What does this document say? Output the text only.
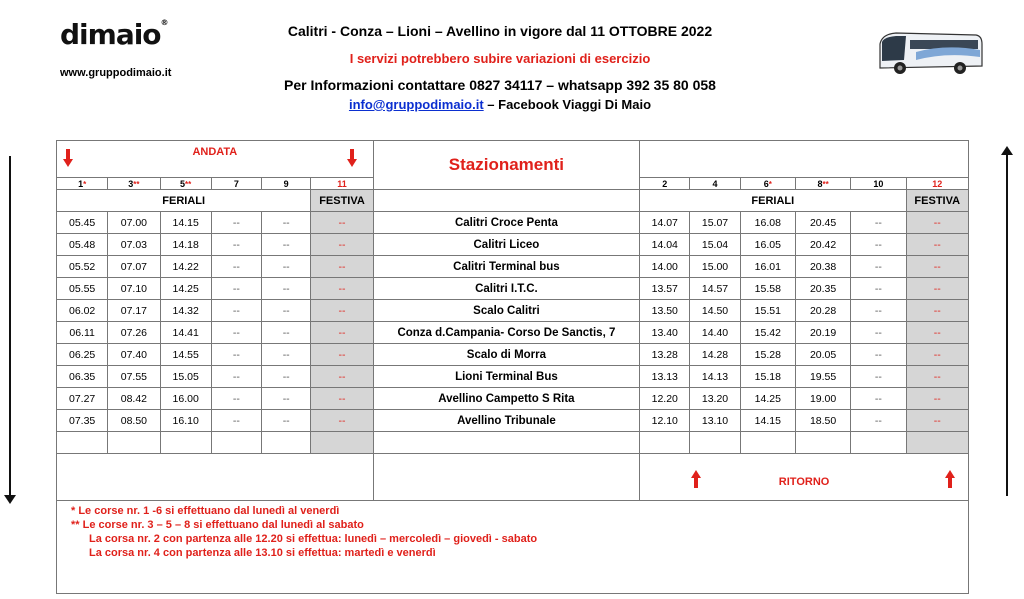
dimaio®
www.gruppodimaio.it
Calitri - Conza – Lioni – Avellino in vigore dal 11 OTTOBRE 2022
I servizi potrebbero subire variazioni di esercizio
Per Informazioni contattare 0827 34117 – whatsapp 392 35 80 058
info@gruppodimaio.it – Facebook Viaggi Di Maio
ANDATA						Stazionamenti						
1*	3**	5**	7	9	11		2	4	6*	8**	10	12
FERIALI					FESTIVA		FERIALI					FESTIVA
05.45	07.00	14.15	--	--	--	Calitri Croce Penta	14.07	15.07	16.08	20.45	--	--
05.48	07.03	14.18	--	--	--	Calitri Liceo	14.04	15.04	16.05	20.42	--	--
05.52	07.07	14.22	--	--	--	Calitri Terminal bus	14.00	15.00	16.01	20.38	--	--
05.55	07.10	14.25	--	--	--	Calitri I.T.C.	13.57	14.57	15.58	20.35	--	--
06.02	07.17	14.32	--	--	--	Scalo Calitri	13.50	14.50	15.51	20.28	--	--
06.11	07.26	14.41	--	--	--	Conza d.Campania- Corso De Sanctis, 7	13.40	14.40	15.42	20.19	--	--
06.25	07.40	14.55	--	--	--	Scalo di Morra	13.28	14.28	15.28	20.05	--	--
06.35	07.55	15.05	--	--	--	Lioni Terminal Bus	13.13	14.13	15.18	19.55	--	--
07.27	08.42	16.00	--	--	--	Avellino Campetto S Rita	12.20	13.20	14.25	19.00	--	--
07.35	08.50	16.10	--	--	--	Avellino Tribunale	12.10	13.10	14.15	18.50	--	--

							RITORNO					

* Le corse nr. 1 -6 si effettuano dal lunedì al venerdì
** Le corse nr. 3 – 5 – 8 si effettuano dal lunedì al sabato
La corsa nr. 2 con partenza alle 12.20 si effettua: lunedì – mercoledì – giovedì - sabato
La corsa nr. 4 con partenza alle 13.10 si effettua: martedì e venerdì												
